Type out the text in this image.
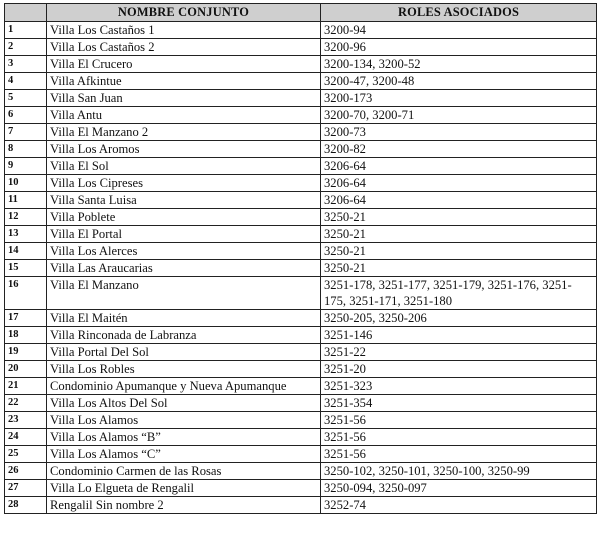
	NOMBRE CONJUNTO	ROLES ASOCIADOS
1	Villa Los Castaños 1	3200-94
2	Villa Los Castaños 2	3200-96
3	Villa El Crucero	3200-134, 3200-52
4	Villa Afkintue	3200-47, 3200-48
5	Villa San Juan	3200-173
6	Villa Antu	3200-70, 3200-71
7	Villa El Manzano 2	3200-73
8	Villa Los Aromos	3200-82
9	Villa El Sol	3206-64
10	Villa Los Cipreses	3206-64
11	Villa Santa Luisa	3206-64
12	Villa Poblete	3250-21
13	Villa El Portal	3250-21
14	Villa Los Alerces	3250-21
15	Villa Las Araucarias	3250-21
16	Villa El Manzano	3251-178, 3251-177, 3251-179, 3251-176, 3251-175, 3251-171, 3251-180
17	Villa El Maitén	3250-205, 3250-206
18	Villa Rinconada de Labranza	3251-146
19	Villa Portal Del Sol	3251-22
20	Villa Los Robles	3251-20
21	Condominio Apumanque y Nueva Apumanque	3251-323
22	Villa Los Altos Del Sol	3251-354
23	Villa Los Alamos	3251-56
24	Villa Los Alamos “B”	3251-56
25	Villa Los Alamos “C”	3251-56
26	Condominio Carmen de las Rosas	3250-102, 3250-101, 3250-100, 3250-99
27	Villa Lo Elgueta de Rengalil	3250-094, 3250-097
28	Rengalil Sin nombre 2	3252-74
